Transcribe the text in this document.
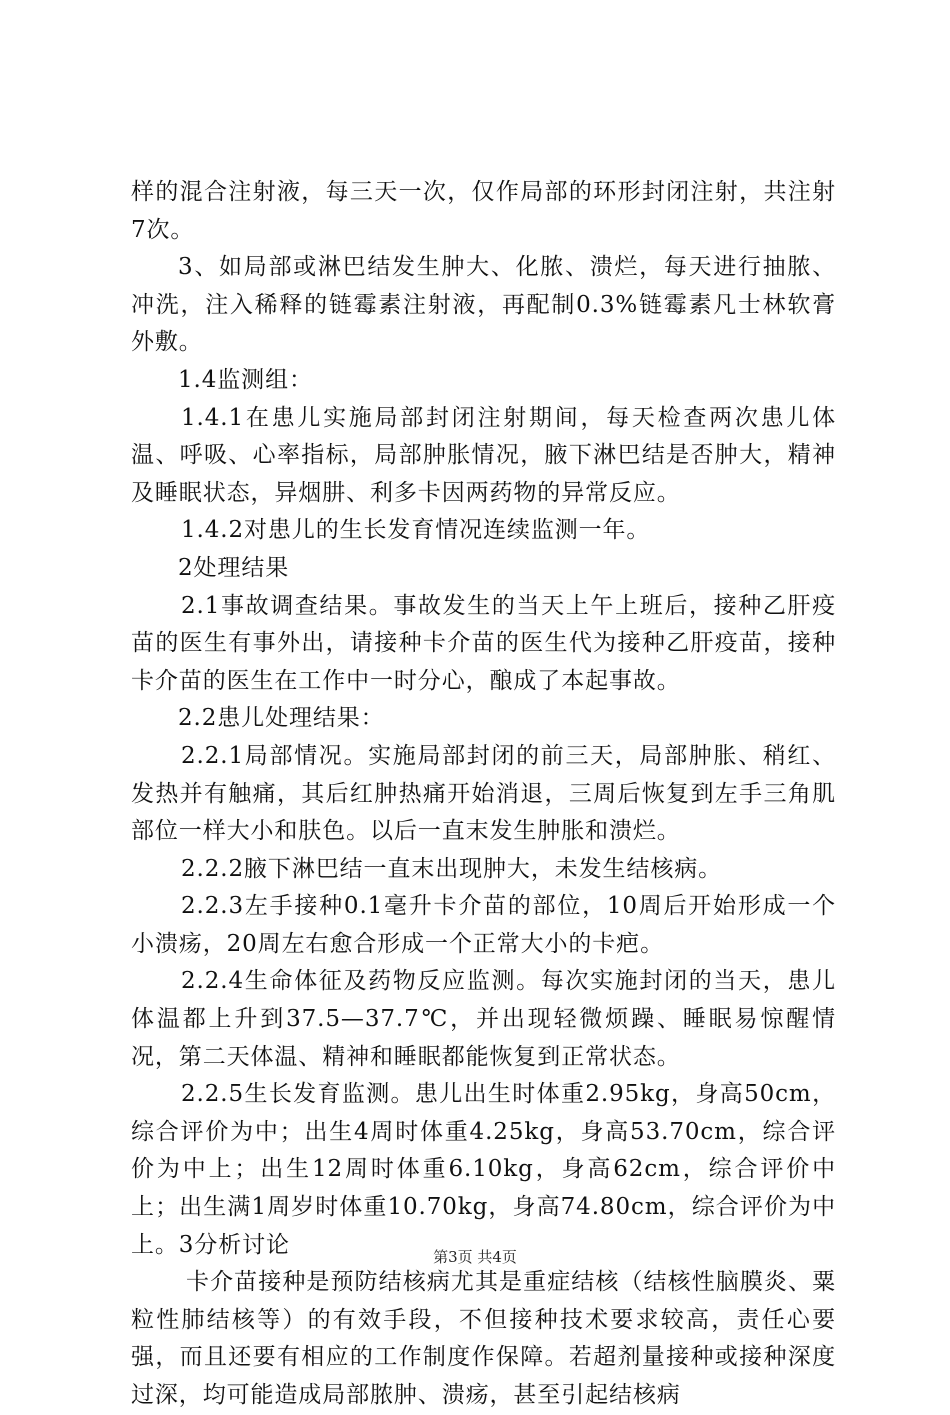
样的混合注射液，每三天一次，仅作局部的环形封闭注射，共注射7次。

3、如局部或淋巴结发生肿大、化脓、溃烂，每天进行抽脓、冲洗，注入稀释的链霉素注射液，再配制0.3%链霉素凡士林软膏外敷。

1.4监测组：

1.4.1在患儿实施局部封闭注射期间，每天检查两次患儿体温、呼吸、心率指标，局部肿胀情况，腋下淋巴结是否肿大，精神及睡眠状态，异烟肼、利多卡因两药物的异常反应。

1.4.2对患儿的生长发育情况连续监测一年。

2处理结果

2.1事故调查结果。事故发生的当天上午上班后，接种乙肝疫苗的医生有事外出，请接种卡介苗的医生代为接种乙肝疫苗，接种卡介苗的医生在工作中一时分心，酿成了本起事故。

2.2患儿处理结果：

2.2.1局部情况。实施局部封闭的前三天，局部肿胀、稍红、发热并有触痛，其后红肿热痛开始消退，三周后恢复到左手三角肌部位一样大小和肤色。以后一直末发生肿胀和溃烂。

2.2.2腋下淋巴结一直末出现肿大，未发生结核病。

2.2.3左手接种0.1毫升卡介苗的部位，10周后开始形成一个小溃疡，20周左右愈合形成一个正常大小的卡疤。

2.2.4生命体征及药物反应监测。每次实施封闭的当天，患儿体温都上升到37.5—37.7℃，并出现轻微烦躁、睡眠易惊醒情况，第二天体温、精神和睡眠都能恢复到正常状态。

2.2.5生长发育监测。患儿出生时体重2.95kg，身高50cm，综合评价为中；出生4周时体重4.25kg，身高53.70cm，综合评价为中上；出生12周时体重6.10kg，身高62cm，综合评价中上；出生满1周岁时体重10.70kg，身高74.80cm，综合评价为中上。3分析讨论

卡介苗接种是预防结核病尤其是重症结核（结核性脑膜炎、粟粒性肺结核等）的有效手段，不但接种技术要求较高，责任心要强，而且还要有相应的工作制度作保障。若超剂量接种或接种深度过深，均可能造成局部脓肿、溃疡，甚至引起结核病

第3页 共4页
